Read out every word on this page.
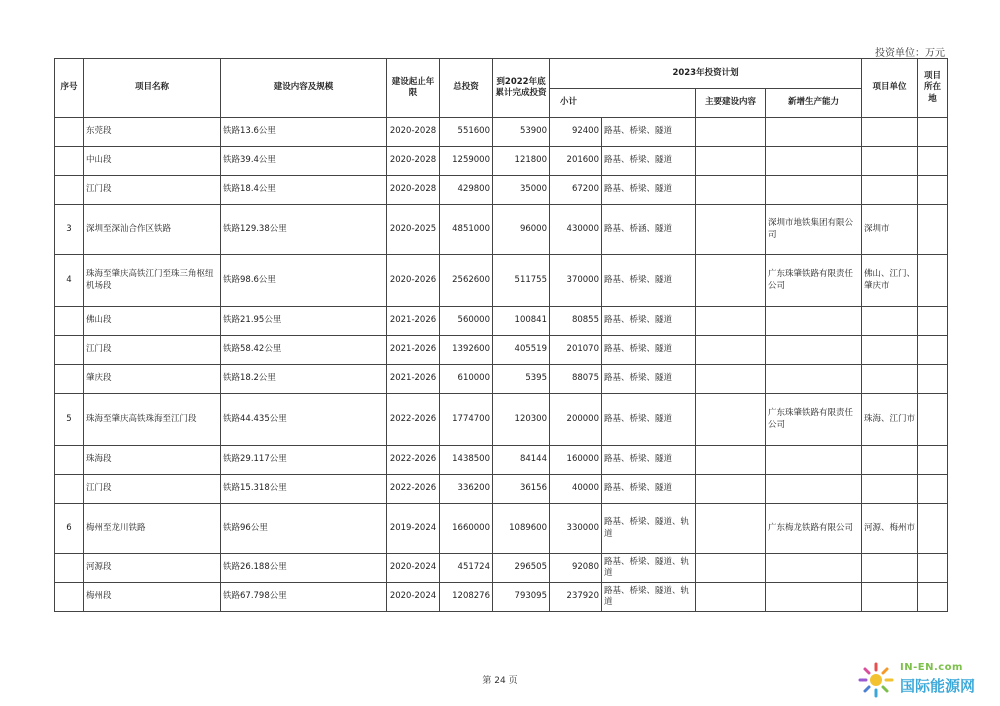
投资单位：万元
序号	项目名称	建设内容及规模	建设起止年限	总投资	到2022年底累计完成投资	2023年投资计划				项目单位	项目所在地	
						小计		主要建设内容	新增生产能力			
	东莞段	铁路13.6公里	2020-2028	551600	53900	92400	路基、桥梁、隧道					
	中山段	铁路39.4公里	2020-2028	1259000	121800	201600	路基、桥梁、隧道					
	江门段	铁路18.4公里	2020-2028	429800	35000	67200	路基、桥梁、隧道					
3	深圳至深汕合作区铁路	铁路129.38公里	2020-2025	4851000	96000	430000	路基、桥涵、隧道		深圳市地铁集团有限公司	深圳市		
4	珠海至肇庆高铁江门至珠三角枢纽机场段	铁路98.6公里	2020-2026	2562600	511755	370000	路基、桥梁、隧道		广东珠肇铁路有限责任公司	佛山、江门、肇庆市		
	佛山段	铁路21.95公里	2021-2026	560000	100841	80855	路基、桥梁、隧道					
	江门段	铁路58.42公里	2021-2026	1392600	405519	201070	路基、桥梁、隧道					
	肇庆段	铁路18.2公里	2021-2026	610000	5395	88075	路基、桥梁、隧道					
5	珠海至肇庆高铁珠海至江门段	铁路44.435公里	2022-2026	1774700	120300	200000	路基、桥梁、隧道		广东珠肇铁路有限责任公司	珠海、江门市		
	珠海段	铁路29.117公里	2022-2026	1438500	84144	160000	路基、桥梁、隧道					
	江门段	铁路15.318公里	2022-2026	336200	36156	40000	路基、桥梁、隧道					
6	梅州至龙川铁路	铁路96公里	2019-2024	1660000	1089600	330000	路基、桥梁、隧道、轨道		广东梅龙铁路有限公司	河源、梅州市		
	河源段	铁路26.188公里	2020-2024	451724	296505	92080	路基、桥梁、隧道、轨道					
	梅州段	铁路67.798公里	2020-2024	1208276	793095	237920	路基、桥梁、隧道、轨道					
第 24 页
IN-EN.com
国际能源网
